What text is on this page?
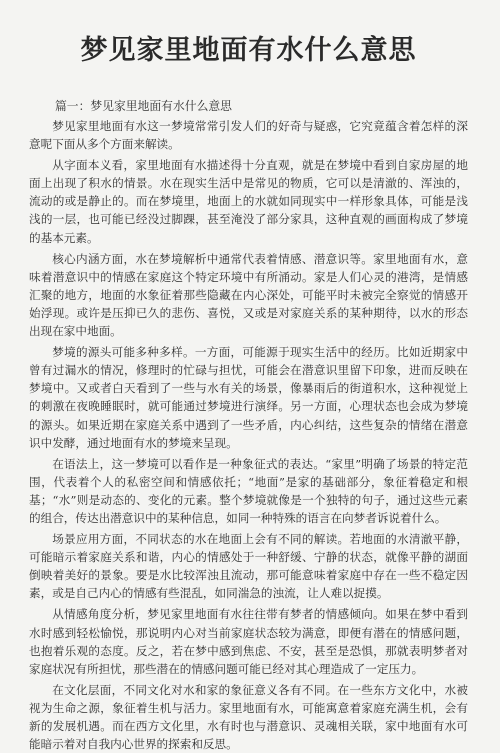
梦见家里地面有水什么意思
篇一：梦见家里地面有水什么意思

梦见家里地面有水这一梦境常常引发人们的好奇与疑惑，它究竟蕴含着怎样的深意呢下面从多个方面来解读。

从字面本义看，家里地面有水描述得十分直观，就是在梦境中看到自家房屋的地面上出现了积水的情景。水在现实生活中是常见的物质，它可以是清澈的、浑浊的，流动的或是静止的。而在梦境里，地面上的水就如同现实中一样形象具体，可能是浅浅的一层，也可能已经没过脚踝，甚至淹没了部分家具，这种直观的画面构成了梦境的基本元素。

核心内涵方面，水在梦境解析中通常代表着情感、潜意识等。家里地面有水，意味着潜意识中的情感在家庭这个特定环境中有所涌动。家是人们心灵的港湾，是情感汇聚的地方，地面的水象征着那些隐藏在内心深处，可能平时未被完全察觉的情感开始浮现。或许是压抑已久的悲伤、喜悦，又或是对家庭关系的某种期待，以水的形态出现在家中地面。

梦境的源头可能多种多样。一方面，可能源于现实生活中的经历。比如近期家中曾有过漏水的情况，修理时的忙碌与担忧，可能会在潜意识里留下印象，进而反映在梦境中。又或者白天看到了一些与水有关的场景，像暴雨后的街道积水，这种视觉上的刺激在夜晚睡眠时，就可能通过梦境进行演绎。另一方面，心理状态也会成为梦境的源头。如果近期在家庭关系中遇到了一些矛盾，内心纠结，这些复杂的情绪在潜意识中发酵，通过地面有水的梦境来呈现。

在语法上，这一梦境可以看作是一种象征式的表达。“家里”明确了场景的特定范围，代表着个人的私密空间和情感依托；“地面”是家的基础部分，象征着稳定和根基；“水”则是动态的、变化的元素。整个梦境就像是一个独特的句子，通过这些元素的组合，传达出潜意识中的某种信息，如同一种特殊的语言在向梦者诉说着什么。

场景应用方面，不同状态的水在地面上会有不同的解读。若地面的水清澈平静，可能暗示着家庭关系和谐，内心的情感处于一种舒缓、宁静的状态，就像平静的湖面倒映着美好的景象。要是水比较浑浊且流动，那可能意味着家庭中存在一些不稳定因素，或是自己内心的情感有些混乱，如同湍急的浊流，让人难以捉摸。

从情感角度分析，梦见家里地面有水往往带有梦者的情感倾向。如果在梦中看到水时感到轻松愉悦，那说明内心对当前家庭状态较为满意，即便有潜在的情感问题，也抱着乐观的态度。反之，若在梦中感到焦虑、不安，甚至是恐惧，那就表明梦者对家庭状况有所担忧，那些潜在的情感问题可能已经对其心理造成了一定压力。

在文化层面，不同文化对水和家的象征意义各有不同。在一些东方文化中，水被视为生命之源，象征着生机与活力。家里地面有水，可能寓意着家庭充满生机，会有新的发展机遇。而在西方文化里，水有时也与潜意识、灵魂相关联，家中地面有水可能暗示着对自我内心世界的探索和反思。
